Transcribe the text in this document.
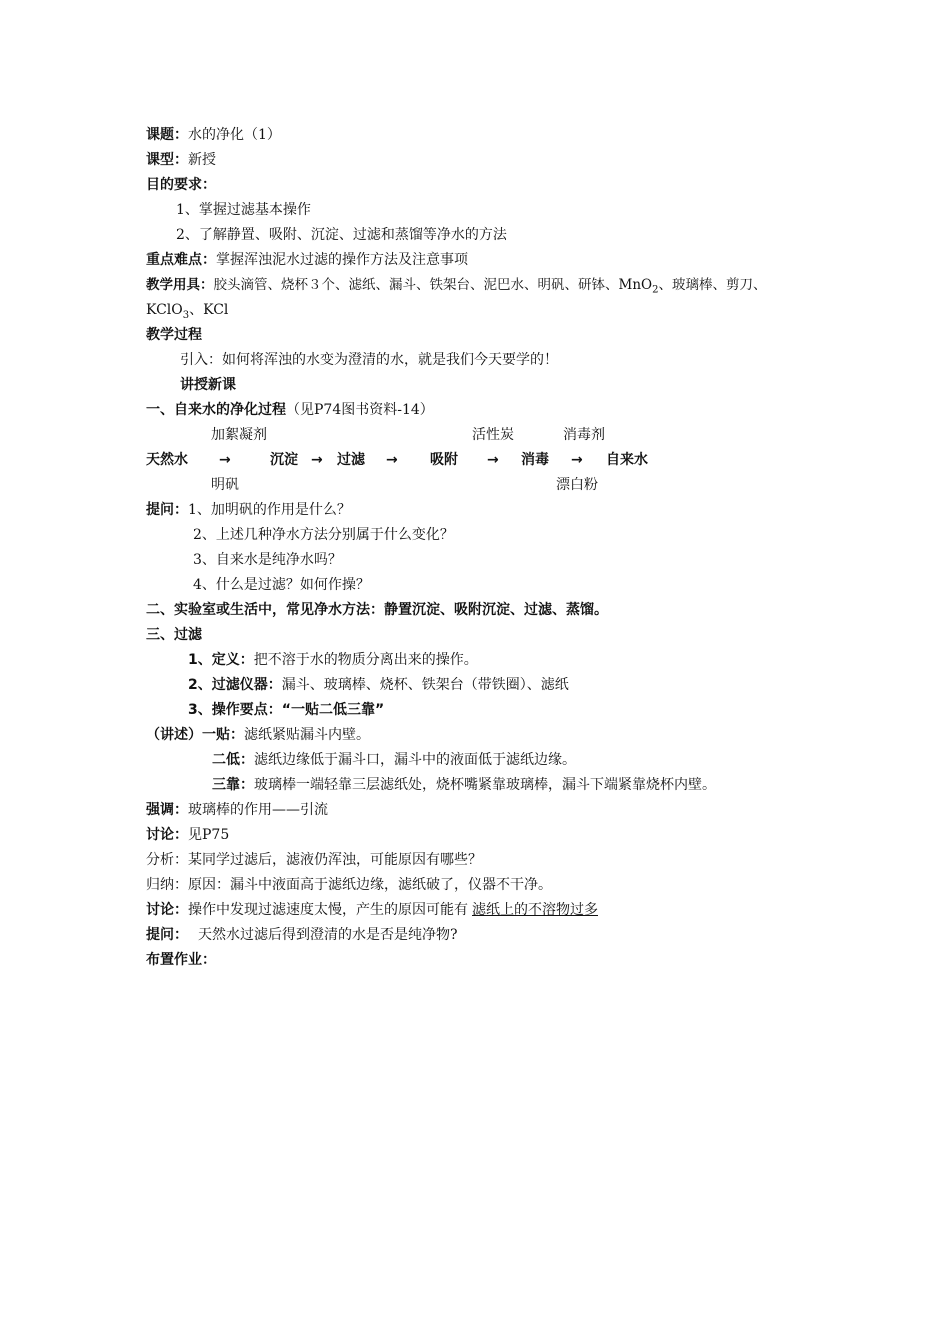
课题：水的净化（1）
课型：新授
目的要求：
1、掌握过滤基本操作
2、了解静置、吸附、沉淀、过滤和蒸馏等净水的方法
重点难点：掌握浑浊泥水过滤的操作方法及注意事项
教学用具：胶头滴管、烧杯３个、滤纸、漏斗、铁架台、泥巴水、明矾、研钵、MnO$_2$、玻璃棒、剪刀、
KClO$_3$、KCl
教学过程
引入：如何将浑浊的水变为澄清的水，就是我们今天要学的！
讲授新课
一、自来水的净化过程（见P74图书资料-14）
加絮凝剂	活性炭	消毒剂
天然水 →	沉淀 → 过滤 → 吸附 → 消毒 → 自来水
明矾	漂白粉
提问：1、加明矾的作用是什么？
2、上述几种净水方法分别属于什么变化？
3、自来水是纯净水吗？
4、什么是过滤？如何作操？
二、实验室或生活中，常见净水方法：静置沉淀、吸附沉淀、过滤、蒸馏。
三、过滤
1、定义：把不溶于水的物质分离出来的操作。
2、过滤仪器：漏斗、玻璃棒、烧杯、铁架台（带铁圈）、滤纸
3、操作要点：“一贴二低三靠”
（讲述）一贴：滤纸紧贴漏斗内壁。
二低：滤纸边缘低于漏斗口，漏斗中的液面低于滤纸边缘。
三靠：玻璃棒一端轻靠三层滤纸处，烧杯嘴紧靠玻璃棒，漏斗下端紧靠烧杯内壁。
强调：玻璃棒的作用——引流
讨论：见P75
分析：某同学过滤后，滤液仍浑浊，可能原因有哪些？
归纳：原因：漏斗中液面高于滤纸边缘，滤纸破了，仪器不干净。
讨论：操作中发现过滤速度太慢，产生的原因可能有 滤纸上的不溶物过多
提问： 天然水过滤后得到澄清的水是否是纯净物?
布置作业：
